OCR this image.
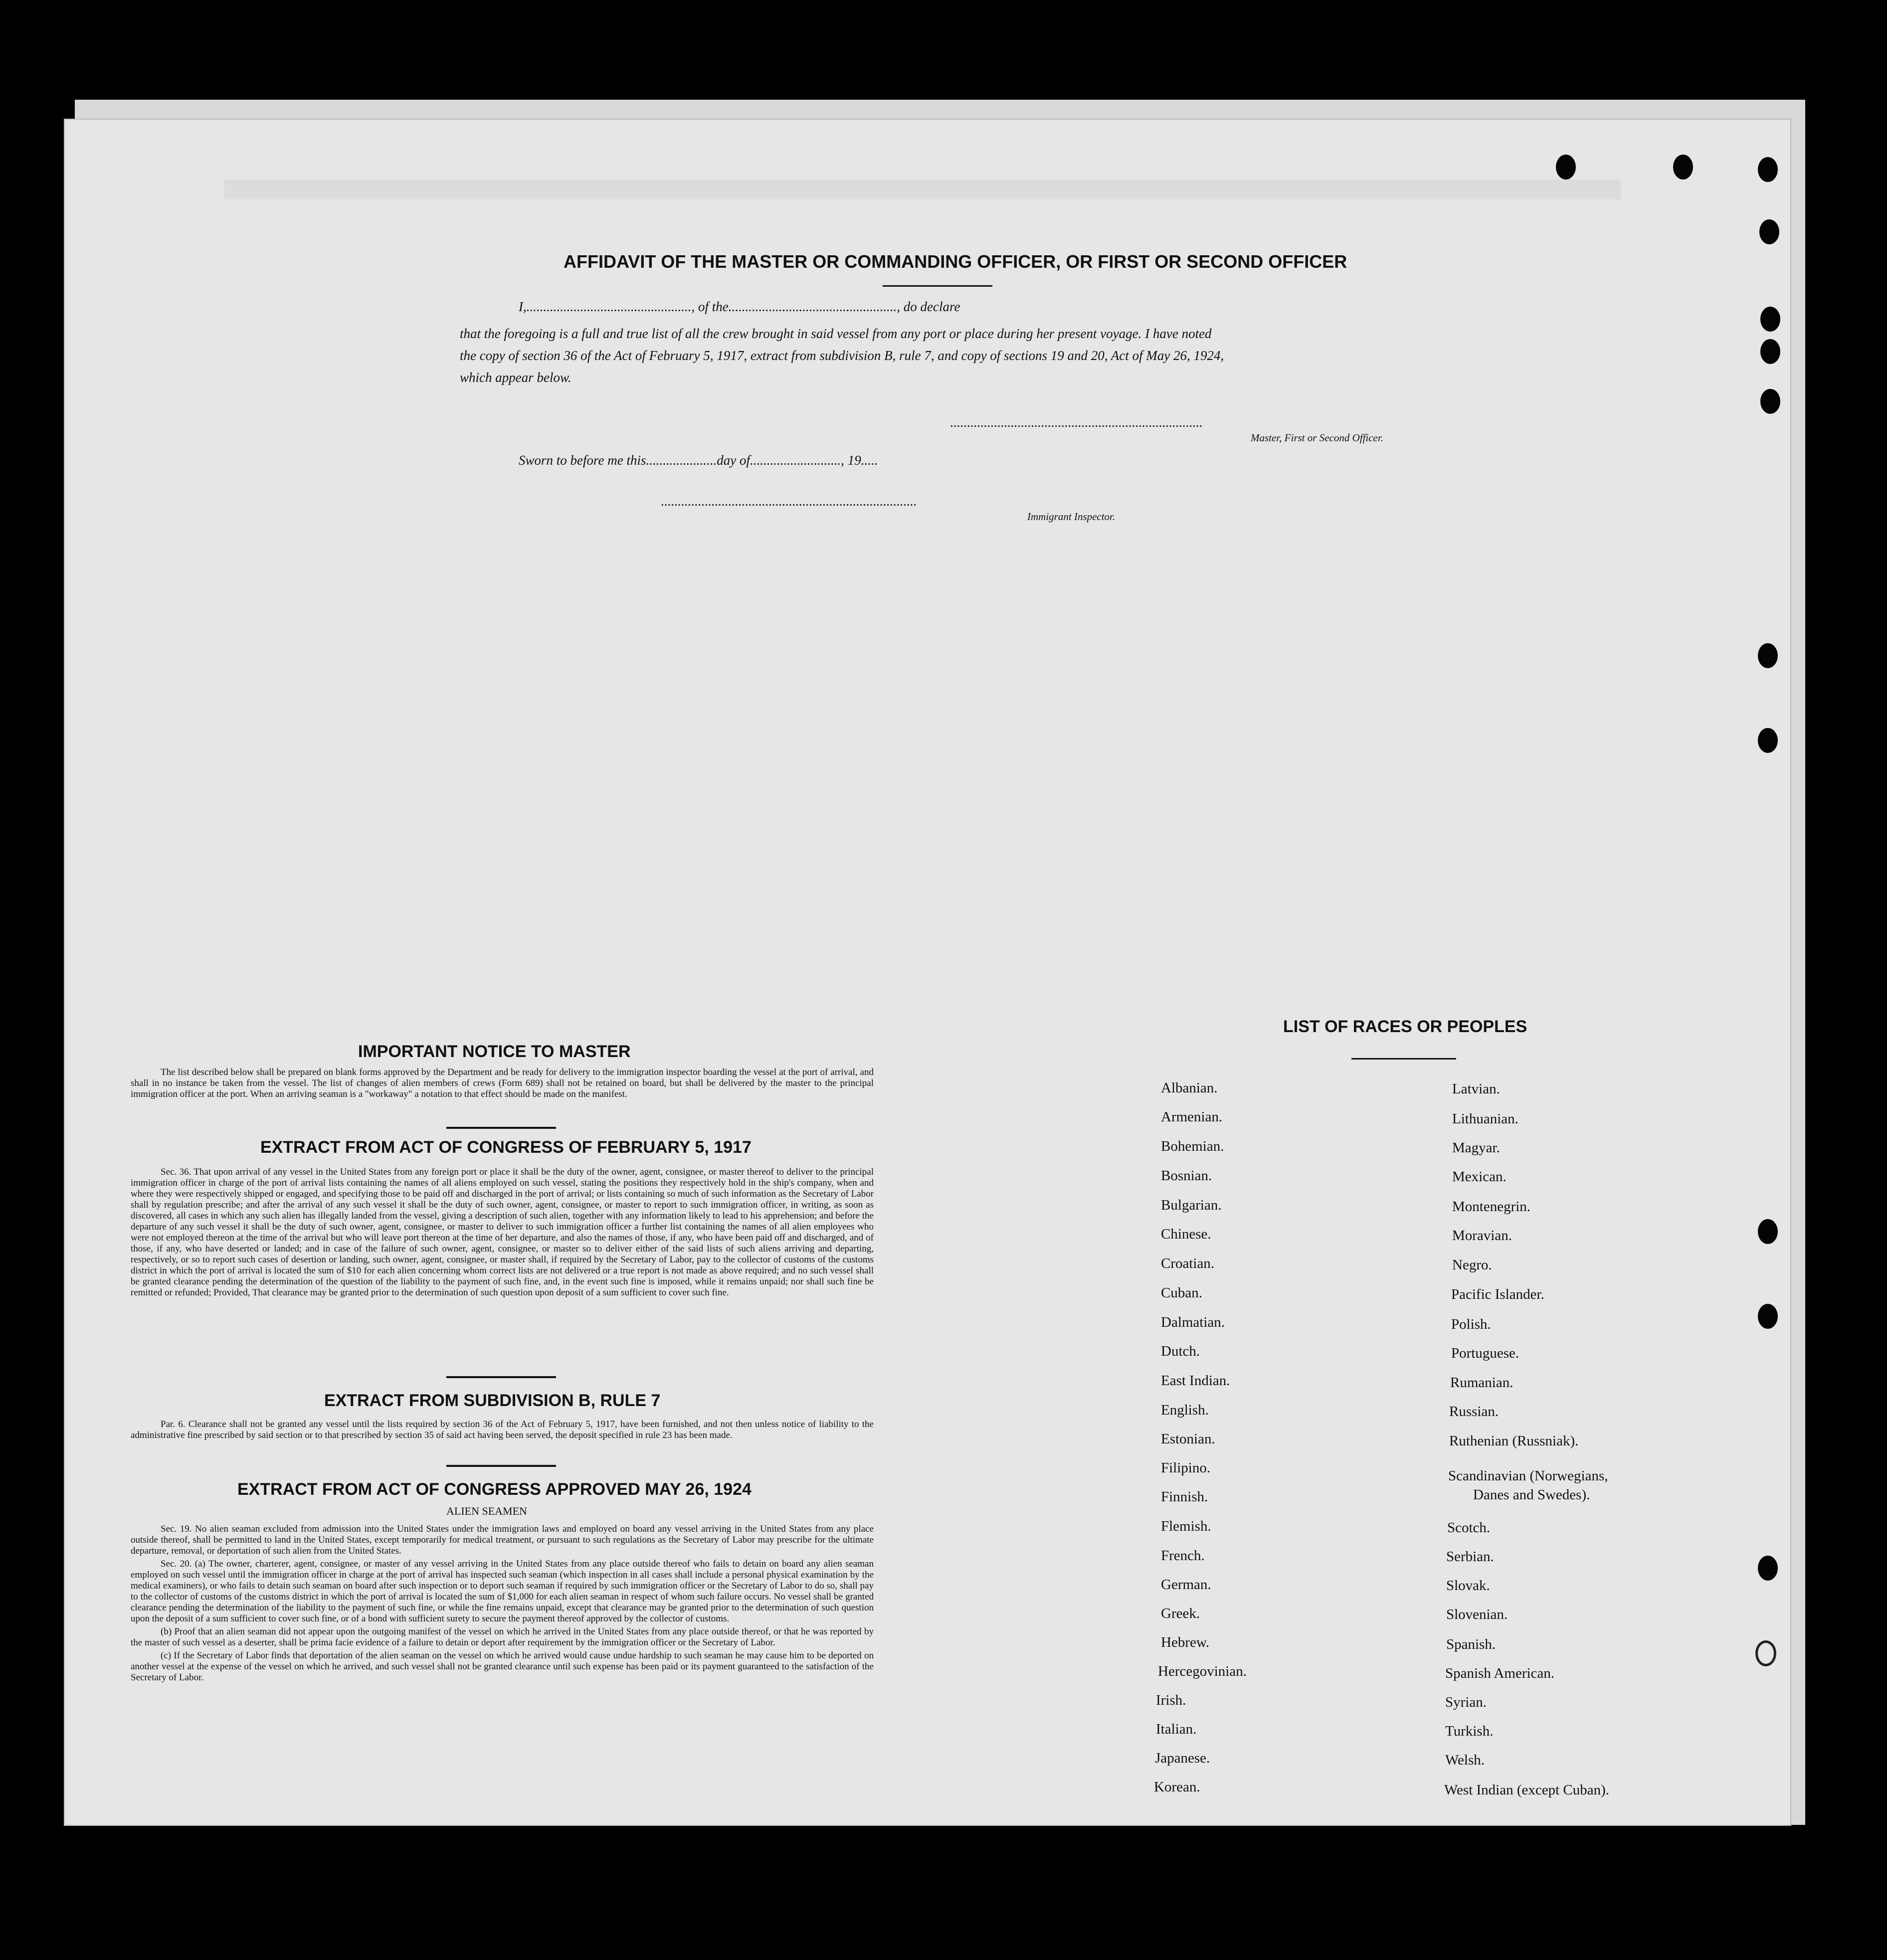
AFFIDAVIT OF THE MASTER OR COMMANDING OFFICER, OR FIRST OR SECOND OFFICER
I,................................................., of the.................................................., do declare
that the foregoing is a full and true list of all the crew brought in said vessel from any port or place during her present voyage. I have noted
the copy of section 36 of the Act of February 5, 1917, extract from subdivision B, rule 7, and copy of sections 19 and 20, Act of May 26, 1924,
which appear below.
...........................................................................
Master, First or Second Officer.
Sworn to before me this.....................day of..........................., 19.....
............................................................................
Immigrant Inspector.
IMPORTANT NOTICE TO MASTER

The list described below shall be prepared on blank forms approved by the Department and be ready for delivery to the immigration inspector boarding the vessel at the port of arrival, and shall in no instance be taken from the vessel. The list of changes of alien members of crews (Form 689) shall not be retained on board, but shall be delivered by the master to the principal immigration officer at the port. When an arriving seaman is a "workaway" a notation to that effect should be made on the manifest.

EXTRACT FROM ACT OF CONGRESS OF FEBRUARY 5, 1917

Sec. 36. That upon arrival of any vessel in the United States from any foreign port or place it shall be the duty of the owner, agent, consignee, or master thereof to deliver to the principal immigration officer in charge of the port of arrival lists containing the names of all aliens employed on such vessel, stating the positions they respectively hold in the ship's company, when and where they were respectively shipped or engaged, and specifying those to be paid off and discharged in the port of arrival; or lists containing so much of such information as the Secretary of Labor shall by regulation prescribe; and after the arrival of any such vessel it shall be the duty of such owner, agent, consignee, or master to report to such immigration officer, in writing, as soon as discovered, all cases in which any such alien has illegally landed from the vessel, giving a description of such alien, together with any information likely to lead to his apprehension; and before the departure of any such vessel it shall be the duty of such owner, agent, consignee, or master to deliver to such immigration officer a further list containing the names of all alien employees who were not employed thereon at the time of the arrival but who will leave port thereon at the time of her departure, and also the names of those, if any, who have been paid off and discharged, and of those, if any, who have deserted or landed; and in case of the failure of such owner, agent, consignee, or master so to deliver either of the said lists of such aliens arriving and departing, respectively, or so to report such cases of desertion or landing, such owner, agent, consignee, or master shall, if required by the Secretary of Labor, pay to the collector of customs of the customs district in which the port of arrival is located the sum of $10 for each alien concerning whom correct lists are not delivered or a true report is not made as above required; and no such vessel shall be granted clearance pending the determination of the question of the liability to the payment of such fine, and, in the event such fine is imposed, while it remains unpaid; nor shall such fine be remitted or refunded; Provided, That clearance may be granted prior to the determination of such question upon deposit of a sum sufficient to cover such fine.

EXTRACT FROM SUBDIVISION B, RULE 7

Par. 6. Clearance shall not be granted any vessel until the lists required by section 36 of the Act of February 5, 1917, have been furnished, and not then unless notice of liability to the administrative fine prescribed by said section or to that prescribed by section 35 of said act having been served, the deposit specified in rule 23 has been made.

EXTRACT FROM ACT OF CONGRESS APPROVED MAY 26, 1924
ALIEN SEAMEN

Sec. 19. No alien seaman excluded from admission into the United States under the immigration laws and employed on board any vessel arriving in the United States from any place outside thereof, shall be permitted to land in the United States, except temporarily for medical treatment, or pursuant to such regulations as the Secretary of Labor may prescribe for the ultimate departure, removal, or deportation of such alien from the United States.

Sec. 20. (a) The owner, charterer, agent, consignee, or master of any vessel arriving in the United States from any place outside thereof who fails to detain on board any alien seaman employed on such vessel until the immigration officer in charge at the port of arrival has inspected such seaman (which inspection in all cases shall include a personal physical examination by the medical examiners), or who fails to detain such seaman on board after such inspection or to deport such seaman if required by such immigration officer or the Secretary of Labor to do so, shall pay to the collector of customs of the customs district in which the port of arrival is located the sum of $1,000 for each alien seaman in respect of whom such failure occurs. No vessel shall be granted clearance pending the determination of the liability to the payment of such fine, or while the fine remains unpaid, except that clearance may be granted prior to the determination of such question upon the deposit of a sum sufficient to cover such fine, or of a bond with sufficient surety to secure the payment thereof approved by the collector of customs.

(b) Proof that an alien seaman did not appear upon the outgoing manifest of the vessel on which he arrived in the United States from any place outside thereof, or that he was reported by the master of such vessel as a deserter, shall be prima facie evidence of a failure to detain or deport after requirement by the immigration officer or the Secretary of Labor.

(c) If the Secretary of Labor finds that deportation of the alien seaman on the vessel on which he arrived would cause undue hardship to such seaman he may cause him to be deported on another vessel at the expense of the vessel on which he arrived, and such vessel shall not be granted clearance until such expense has been paid or its payment guaranteed to the satisfaction of the Secretary of Labor.

LIST OF RACES OR PEOPLES
Albanian.
Armenian.
Bohemian.
Bosnian.
Bulgarian.
Chinese.
Croatian.
Cuban.
Dalmatian.
Dutch.
East Indian.
English.
Estonian.
Filipino.
Finnish.
Flemish.
French.
German.
Greek.
Hebrew.
Hercegovinian.
Irish.
Italian.
Japanese.
Korean.
Latvian.
Lithuanian.
Magyar.
Mexican.
Montenegrin.
Moravian.
Negro.
Pacific Islander.
Polish.
Portuguese.
Rumanian.
Russian.
Ruthenian (Russniak).
Scandinavian (Norwegians,
Danes and Swedes).
Scotch.
Serbian.
Slovak.
Slovenian.
Spanish.
Spanish American.
Syrian.
Turkish.
Welsh.
West Indian (except Cuban).
